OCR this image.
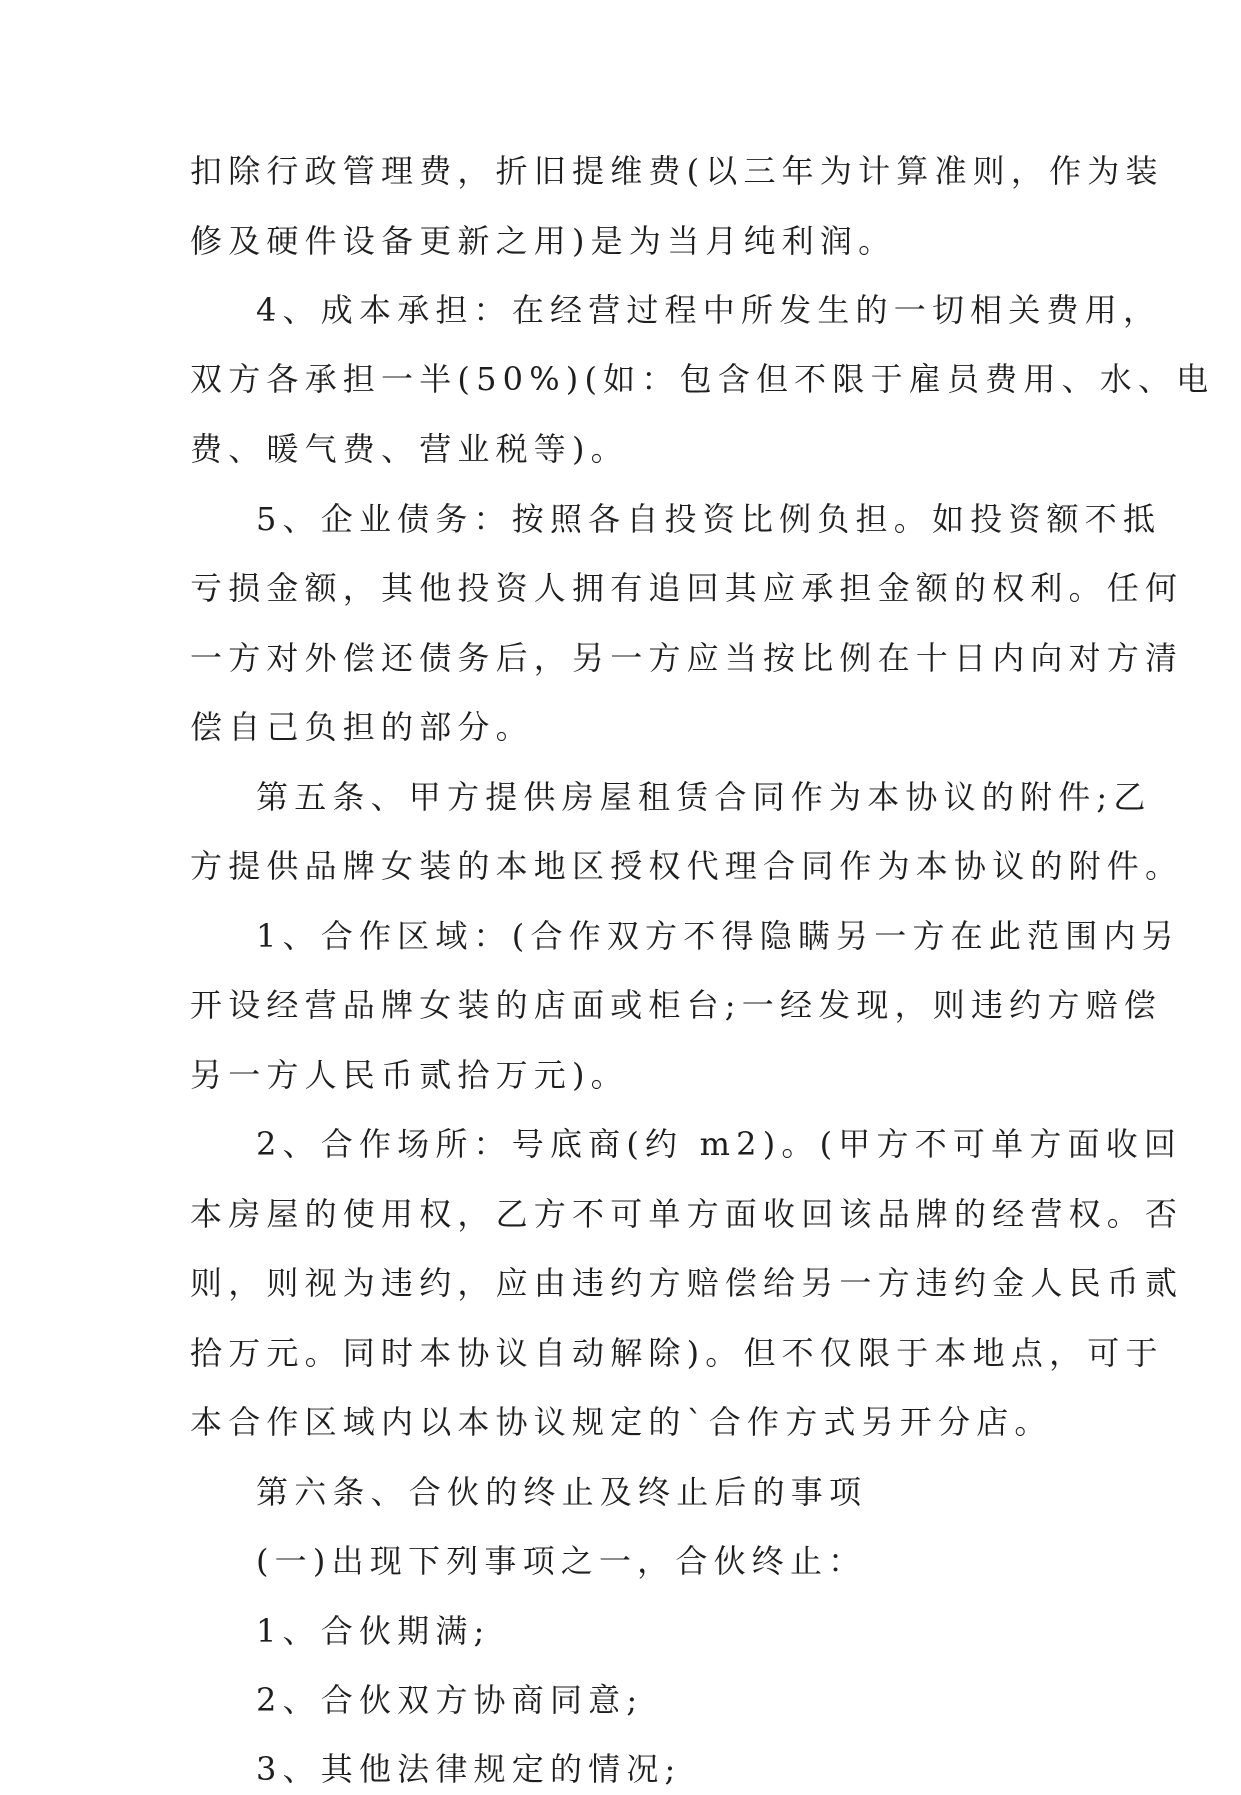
扣除行政管理费，折旧提维费(以三年为计算准则，作为装
修及硬件设备更新之用)是为当月纯利润。
4、成本承担：在经营过程中所发生的一切相关费用，
双方各承担一半(50%)(如：包含但不限于雇员费用、水、电
费、暖气费、营业税等)。
5、企业债务：按照各自投资比例负担。如投资额不抵
亏损金额，其他投资人拥有追回其应承担金额的权利。任何
一方对外偿还债务后，另一方应当按比例在十日内向对方清
偿自己负担的部分。
第五条、甲方提供房屋租赁合同作为本协议的附件;乙
方提供品牌女装的本地区授权代理合同作为本协议的附件。
1、合作区域：(合作双方不得隐瞒另一方在此范围内另
开设经营品牌女装的店面或柜台;一经发现，则违约方赔偿
另一方人民币贰拾万元)。
2、合作场所：号底商(约 m2)。(甲方不可单方面收回
本房屋的使用权，乙方不可单方面收回该品牌的经营权。否
则，则视为违约，应由违约方赔偿给另一方违约金人民币贰
拾万元。同时本协议自动解除)。但不仅限于本地点，可于
本合作区域内以本协议规定的`合作方式另开分店。
第六条、合伙的终止及终止后的事项
(一)出现下列事项之一，合伙终止：
1、合伙期满;
2、合伙双方协商同意;
3、其他法律规定的情况;
